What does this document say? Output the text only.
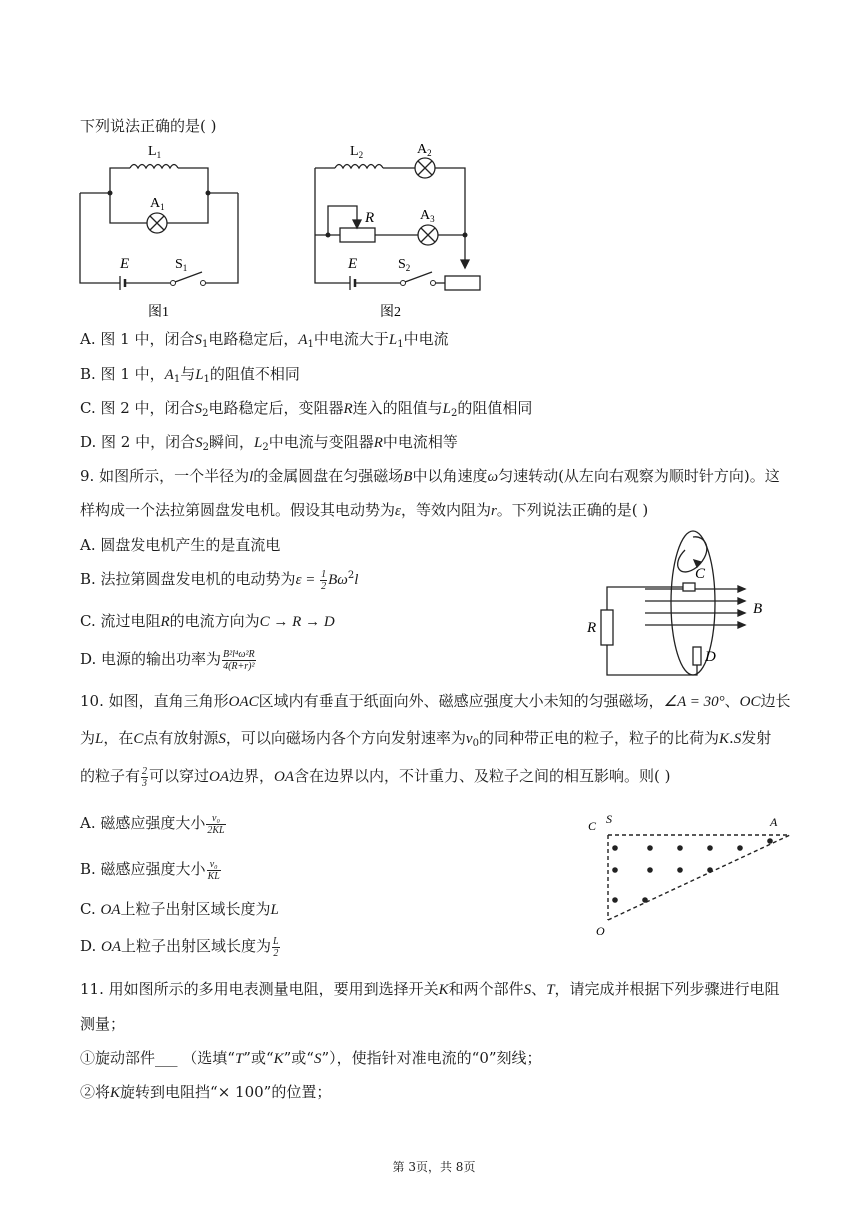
下列说法正确的是( )
$L_1$
$A_1$
E	$S_1$
图1
$L_2$	$A_2$
R	$A_3$
E	$S_2$
图2
A. 图 1 中，闭合$S_1$电路稳定后，$A_1$中电流大于$L_1$中电流
B. 图 1 中，$A_1$与$L_1$的阻值不相同
C. 图 2 中，闭合$S_2$电路稳定后，变阻器R连入的阻值与$L_2$的阻值相同
D. 图 2 中，闭合$S_2$瞬间，$L_2$中电流与变阻器R中电流相等
9. 如图所示，一个半径为l的金属圆盘在匀强磁场B中以角速度ω匀速转动(从左向右观察为顺时针方向)。这
样构成一个法拉第圆盘发电机。假设其电动势为ε，等效内阻为r。下列说法正确的是( )
A. 圆盘发电机产生的是直流电
B. 法拉第圆盘发电机的电动势为$\varepsilon = \frac{1}{2} B\omega^2l$
C. 流过电阻R的电流方向为C → R → D
D. 电源的输出功率为 $\frac{\text{B²l⁴ω²R}}{\text{4(R+r)²}}$
C
B
R
D
10. 如图，直角三角形OAC区域内有垂直于纸面向外、磁感应强度大小未知的匀强磁场，∠A = 30°、OC边长
为L，在C点有放射源S，可以向磁场内各个方向发射速率为$v_0$的同种带正电的粒子，粒子的比荷为K.S发射
的粒子有 $\frac{2}{3}$ 可以穿过OA边界，OA含在边界以内，不计重力、及粒子之间的相互影响。则( )
A. 磁感应强度大小 $\frac{\text{v₀}}{2KL}$
B. 磁感应强度大小 $\frac{\text{v₀}}{KL}$
C. OA上粒子出射区域长度为L
D. OA上粒子出射区域长度为 $\frac{L}{2}$
C S	A
O
11. 用如图所示的多用电表测量电阻，要用到选择开关K和两个部件S、T，请完成并根据下列步骤进行电阻
测量；
①旋动部件___ （选填“T”或“K”或“S”），使指针对准电流的“0”刻线；
②将K旋转到电阻挡“× 100”的位置；
第 3页，共 8页
